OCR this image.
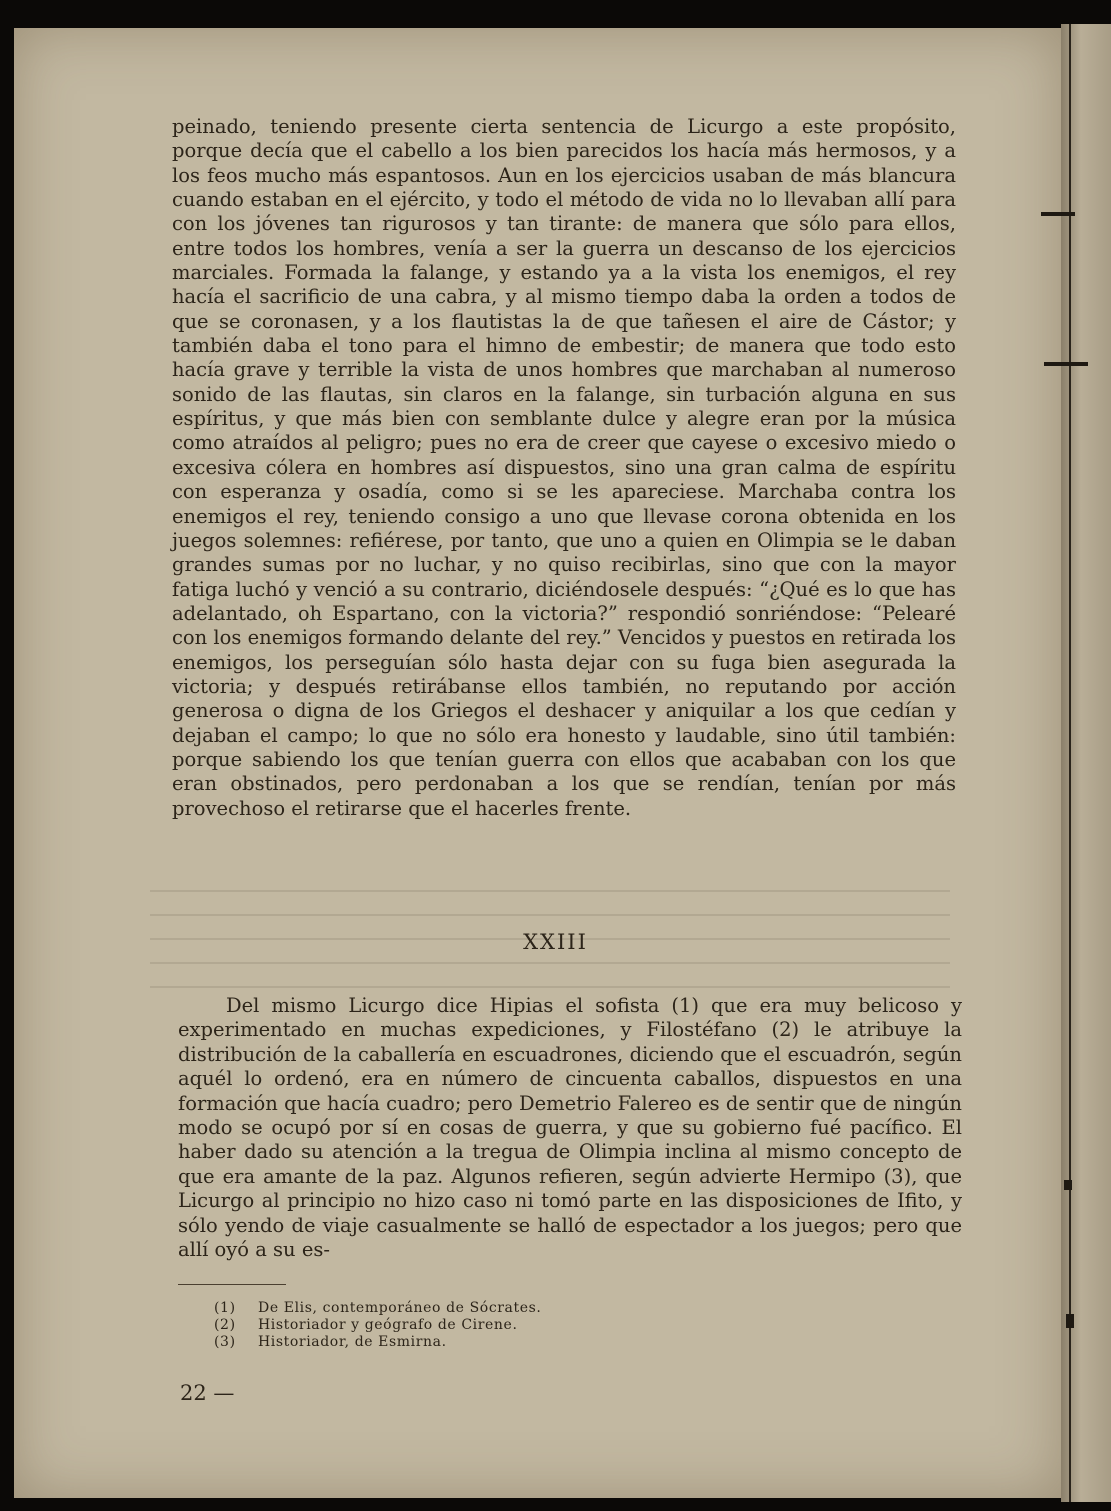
peinado, teniendo presente cierta sentencia de Licurgo a este propósito, porque decía que el cabello a los bien parecidos los hacía más hermosos, y a los feos mucho más espantosos. Aun en los ejercicios usaban de más blancura cuando estaban en el ejército, y todo el método de vida no lo llevaban allí para con los jóvenes tan rigurosos y tan tirante: de manera que sólo para ellos, entre todos los hombres, venía a ser la guerra un descanso de los ejercicios marciales. Formada la falange, y estando ya a la vista los enemigos, el rey hacía el sacrificio de una cabra, y al mismo tiempo daba la orden a todos de que se coronasen, y a los flautistas la de que tañesen el aire de Cástor; y también daba el tono para el himno de embestir; de manera que todo esto hacía grave y terrible la vista de unos hombres que marchaban al numeroso sonido de las flautas, sin claros en la falange, sin turbación alguna en sus espíritus, y que más bien con semblante dulce y alegre eran por la música como atraídos al peligro; pues no era de creer que cayese o excesivo miedo o excesiva cólera en hombres así dispuestos, sino una gran calma de espíritu con esperanza y osadía, como si se les apareciese. Marchaba contra los enemigos el rey, teniendo consigo a uno que llevase corona obtenida en los juegos solemnes: refiérese, por tanto, que uno a quien en Olimpia se le daban grandes sumas por no luchar, y no quiso recibirlas, sino que con la mayor fatiga luchó y venció a su contrario, diciéndosele después: “¿Qué es lo que has adelantado, oh Espartano, con la victoria?” respondió sonriéndose: “Pelearé con los enemigos formando delante del rey.” Vencidos y puestos en retirada los enemigos, los perseguían sólo hasta dejar con su fuga bien asegurada la victoria; y después retirábanse ellos también, no reputando por acción generosa o digna de los Griegos el deshacer y aniquilar a los que cedían y dejaban el campo; lo que no sólo era honesto y laudable, sino útil también: porque sabiendo los que tenían guerra con ellos que acababan con los que eran obstinados, pero perdonaban a los que se rendían, tenían por más provechoso el retirarse que el hacerles frente.

XXIII

Del mismo Licurgo dice Hipias el sofista (1) que era muy belicoso y experimentado en muchas expediciones, y Filostéfano (2) le atribuye la distribución de la caballería en escuadrones, diciendo que el escuadrón, según aquél lo ordenó, era en número de cincuenta caballos, dispuestos en una formación que hacía cuadro; pero Demetrio Falereo es de sentir que de ningún modo se ocupó por sí en cosas de guerra, y que su gobierno fué pacífico. El haber dado su atención a la tregua de Olimpia inclina al mismo concepto de que era amante de la paz. Algunos refieren, según advierte Hermipo (3), que Licurgo al principio no hizo caso ni tomó parte en las disposiciones de Ifito, y sólo yendo de viaje casualmente se halló de espectador a los juegos; pero que allí oyó a su es-

(1) De Elis, contemporáneo de Sócrates.
(2) Historiador y geógrafo de Cirene.
(3) Historiador, de Esmirna.
22 —
